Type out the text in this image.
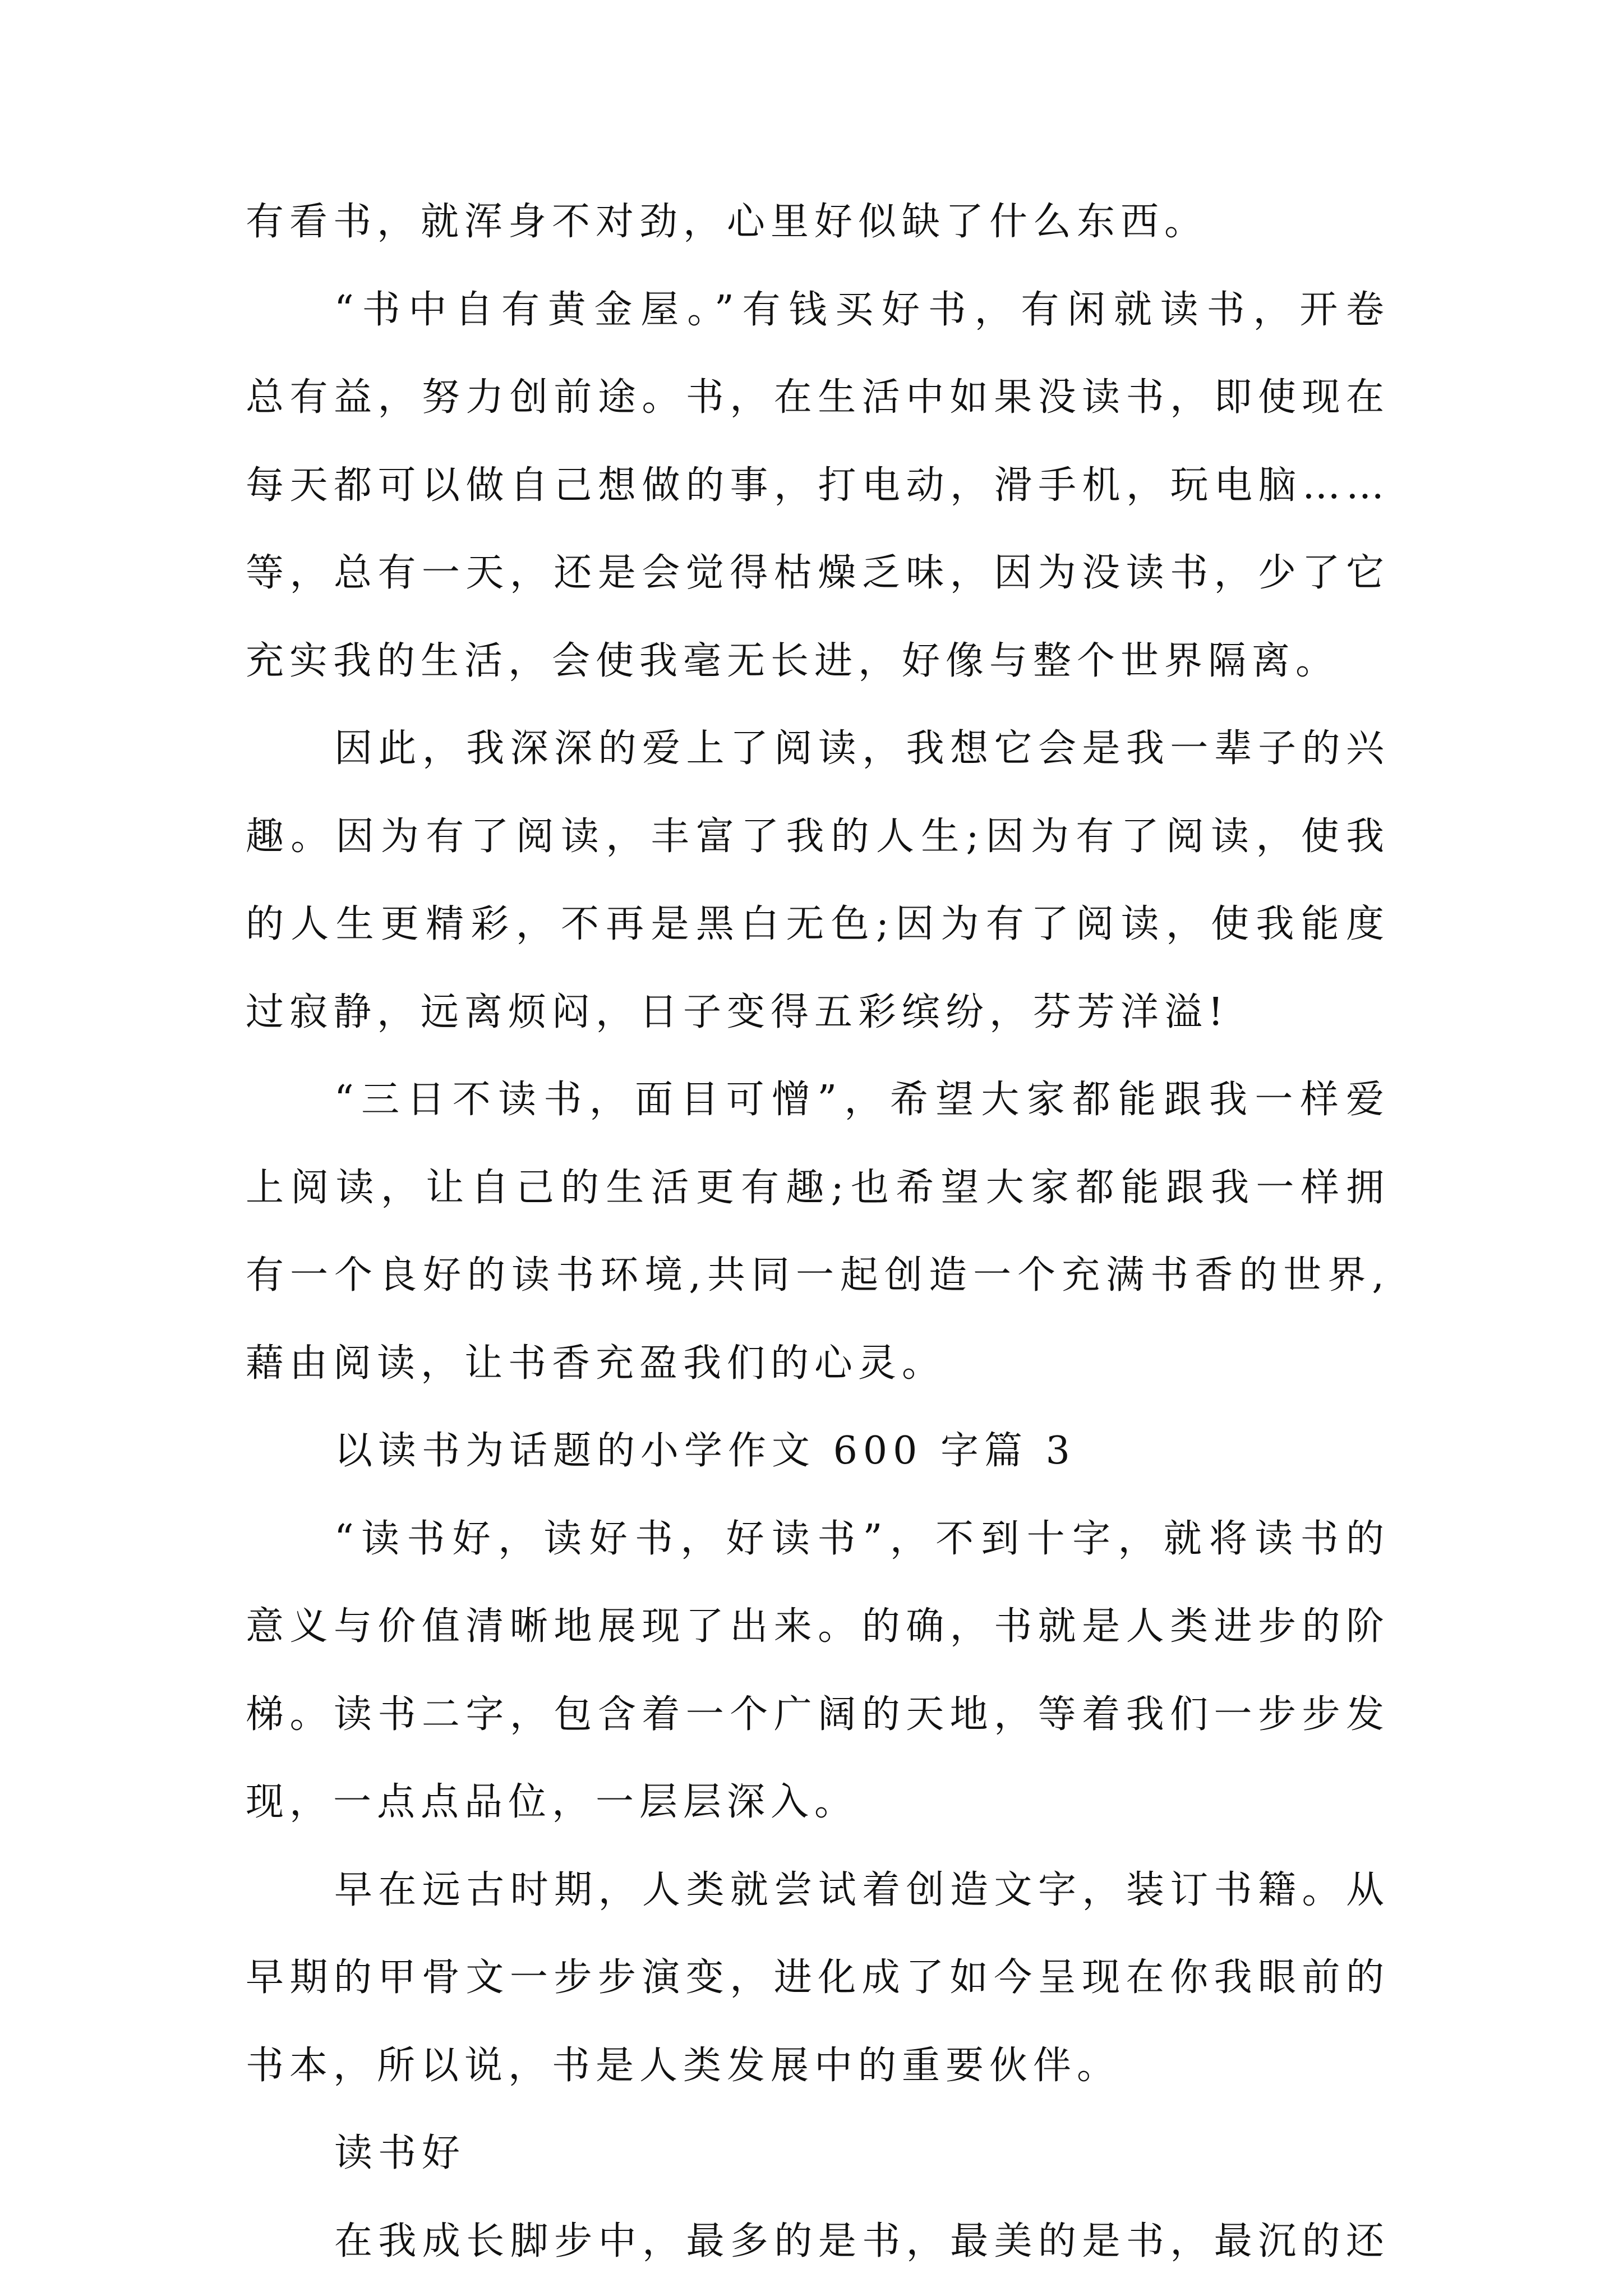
有看书，就浑身不对劲，心里好似缺了什么东西。
“书中自有黄金屋。”有钱买好书，有闲就读书，开卷
总有益，努力创前途。书，在生活中如果没读书，即使现在
每天都可以做自己想做的事，打电动，滑手机，玩电脑……
等，总有一天，还是会觉得枯燥乏味，因为没读书，少了它
充实我的生活，会使我毫无长进，好像与整个世界隔离。
因此，我深深的爱上了阅读，我想它会是我一辈子的兴
趣。因为有了阅读，丰富了我的人生;因为有了阅读，使我
的人生更精彩，不再是黑白无色;因为有了阅读，使我能度
过寂静，远离烦闷，日子变得五彩缤纷，芬芳洋溢!
“三日不读书，面目可憎”，希望大家都能跟我一样爱
上阅读，让自己的生活更有趣;也希望大家都能跟我一样拥
有一个良好的读书环境,共同一起创造一个充满书香的世界,
藉由阅读，让书香充盈我们的心灵。
以读书为话题的小学作文 600 字篇 3
“读书好，读好书，好读书”，不到十字，就将读书的
意义与价值清晰地展现了出来。的确，书就是人类进步的阶
梯。读书二字，包含着一个广阔的天地，等着我们一步步发
现，一点点品位，一层层深入。
早在远古时期，人类就尝试着创造文字，装订书籍。从
早期的甲骨文一步步演变，进化成了如今呈现在你我眼前的
书本，所以说，书是人类发展中的重要伙伴。
读书好
在我成长脚步中，最多的是书，最美的是书，最沉的还
